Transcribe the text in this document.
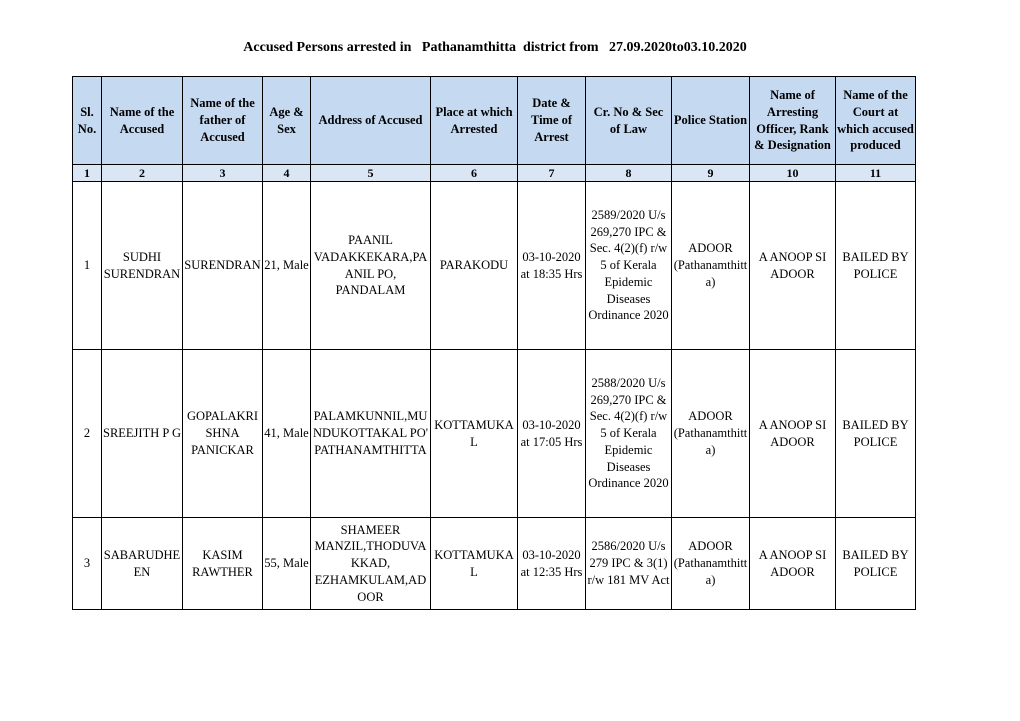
Accused Persons arrested in   Pathanamthitta  district from   27.09.2020to03.10.2020
Sl. No.	Name of the Accused	Name of the father of Accused	Age & Sex	Address of Accused	Place at which Arrested	Date & Time of Arrest	Cr. No & Sec of Law	Police Station	Name of Arresting Officer, Rank & Designation	Name of the Court at which accused produced
1	2	3	4	5	6	7	8	9	10	11
1	SUDHI SURENDRAN	SURENDRAN	21, Male	PAANIL VADAKKEKARA,PAANIL PO, PANDALAM	PARAKODU	03-10-2020 at 18:35 Hrs	2589/2020 U/s 269,270 IPC & Sec. 4(2)(f) r/w 5 of Kerala Epidemic Diseases Ordinance 2020	ADOOR (Pathanamthitta)	A ANOOP SI ADOOR	BAILED BY POLICE
2	SREEJITH P G	GOPALAKRISHNA PANICKAR	41, Male	PALAMKUNNIL,MUNDUKOTTAKAL PO' PATHANAMTHITTA	KOTTAMUKAL	03-10-2020 at 17:05 Hrs	2588/2020 U/s 269,270 IPC & Sec. 4(2)(f) r/w 5 of Kerala Epidemic Diseases Ordinance 2020	ADOOR (Pathanamthitta)	A ANOOP SI ADOOR	BAILED BY POLICE
3	SABARUDHEEN	KASIM RAWTHER	55, Male	SHAMEER MANZIL,THODUVAKKAD, EZHAMKULAM,ADOOR	KOTTAMUKAL	03-10-2020 at 12:35 Hrs	2586/2020 U/s 279 IPC & 3(1) r/w 181 MV Act	ADOOR (Pathanamthitta)	A ANOOP SI ADOOR	BAILED BY POLICE
